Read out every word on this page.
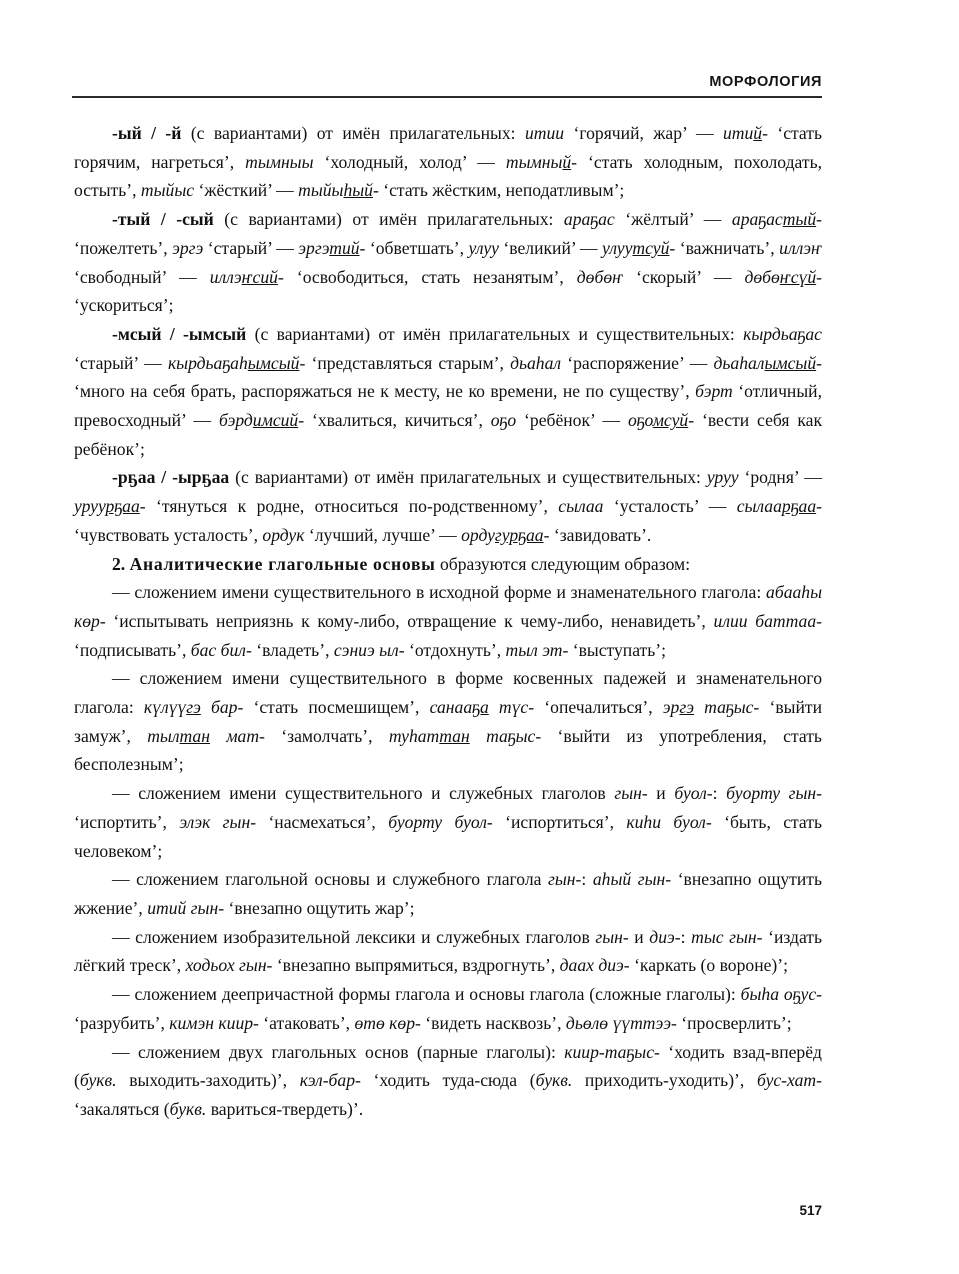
МОРФОЛОГИЯ

-ый / -й (с вариантами) от имён прилагательных: итии ‘горячий, жар’ — итий- ‘стать горячим, нагреться’, тымныы ‘холодный, холод’ — тымный- ‘стать холодным, похолодать, остыть’, тыйыс ‘жёсткий’ — тыйыһый- ‘стать жёстким, неподатливым’;

-тый / -сый (с вариантами) от имён прилагательных: араҕас ‘жёлтый’ — араҕастый- ‘пожелтеть’, эргэ ‘старый’ — эргэтий- ‘обветшать’, улуу ‘великий’ — улуутсуй- ‘важничать’, иллэҥ ‘свободный’ — иллэҥсий- ‘освободиться, стать незанятым’, дөбөҥ ‘скорый’ — дөбөҥсүй- ‘ускориться’;

-мсый / -ымсый (с вариантами) от имён прилагательных и существительных: кырдьаҕас ‘старый’ — кырдьаҕаһымсый- ‘представляться старым’, дьаһал ‘распоряжение’ — дьаһалымсый- ‘много на себя брать, распоряжаться не к месту, не ко времени, не по существу’, бэрт ‘отличный, превосходный’ — бэрдимсий- ‘хвалиться, кичиться’, оҕо ‘ребёнок’ — оҕомсуй- ‘вести себя как ребёнок’;

-рҕаа / -ырҕаа (с вариантами) от имён прилагательных и существительных: уруу ‘родня’ — уруурҕаа- ‘тянуться к родне, относиться по-родственному’, сылаа ‘усталость’ — сылаарҕаа- ‘чувствовать усталость’, ордук ‘лучший, лучше’ — ордугурҕаа- ‘завидовать’.

2. Аналитические глагольные основы образуются следующим образом:

— сложением имени существительного в исходной форме и знаменательного глагола: абааһы көр- ‘испытывать неприязнь к кому-либо, отвращение к чему-либо, ненавидеть’, илии баттаа- ‘подписывать’, бас бил- ‘владеть’, сэниэ ыл- ‘отдохнуть’, тыл эт- ‘выступать’;

— сложением имени существительного в форме косвенных падежей и знаменательного глагола: күлүүгэ бар- ‘стать посмешищем’, санааҕа түс- ‘опечалиться’, эргэ таҕыс- ‘выйти замуж’, тылтан мат- ‘замолчать’, туһаттан таҕыс- ‘выйти из употребления, стать бесполезным’;

— сложением имени существительного и служебных глаголов гын- и буол-: буорту гын- ‘испортить’, элэк гын- ‘насмехаться’, буорту буол- ‘испортиться’, киһи буол- ‘быть, стать человеком’;

— сложением глагольной основы и служебного глагола гын-: аһый гын- ‘внезапно ощутить жжение’, итий гын- ‘внезапно ощутить жар’;

— сложением изобразительной лексики и служебных глаголов гын- и диэ-: тыс гын- ‘издать лёгкий треск’, ходьох гын- ‘внезапно выпрямиться, вздрогнуть’, даах диэ- ‘каркать (о вороне)’;

— сложением деепричастной формы глагола и основы глагола (сложные глаголы): быһа оҕус- ‘разрубить’, кимэн киир- ‘атаковать’, өтө көр- ‘видеть насквозь’, дьөлө үүттээ- ‘просверлить’;

— сложением двух глагольных основ (парные глаголы): киир-таҕыс- ‘ходить взад-вперёд (букв. выходить-заходить)’, кэл-бар- ‘ходить туда-сюда (букв. приходить-уходить)’, бус-хат- ‘закаляться (букв. вариться-твердеть)’.

517
